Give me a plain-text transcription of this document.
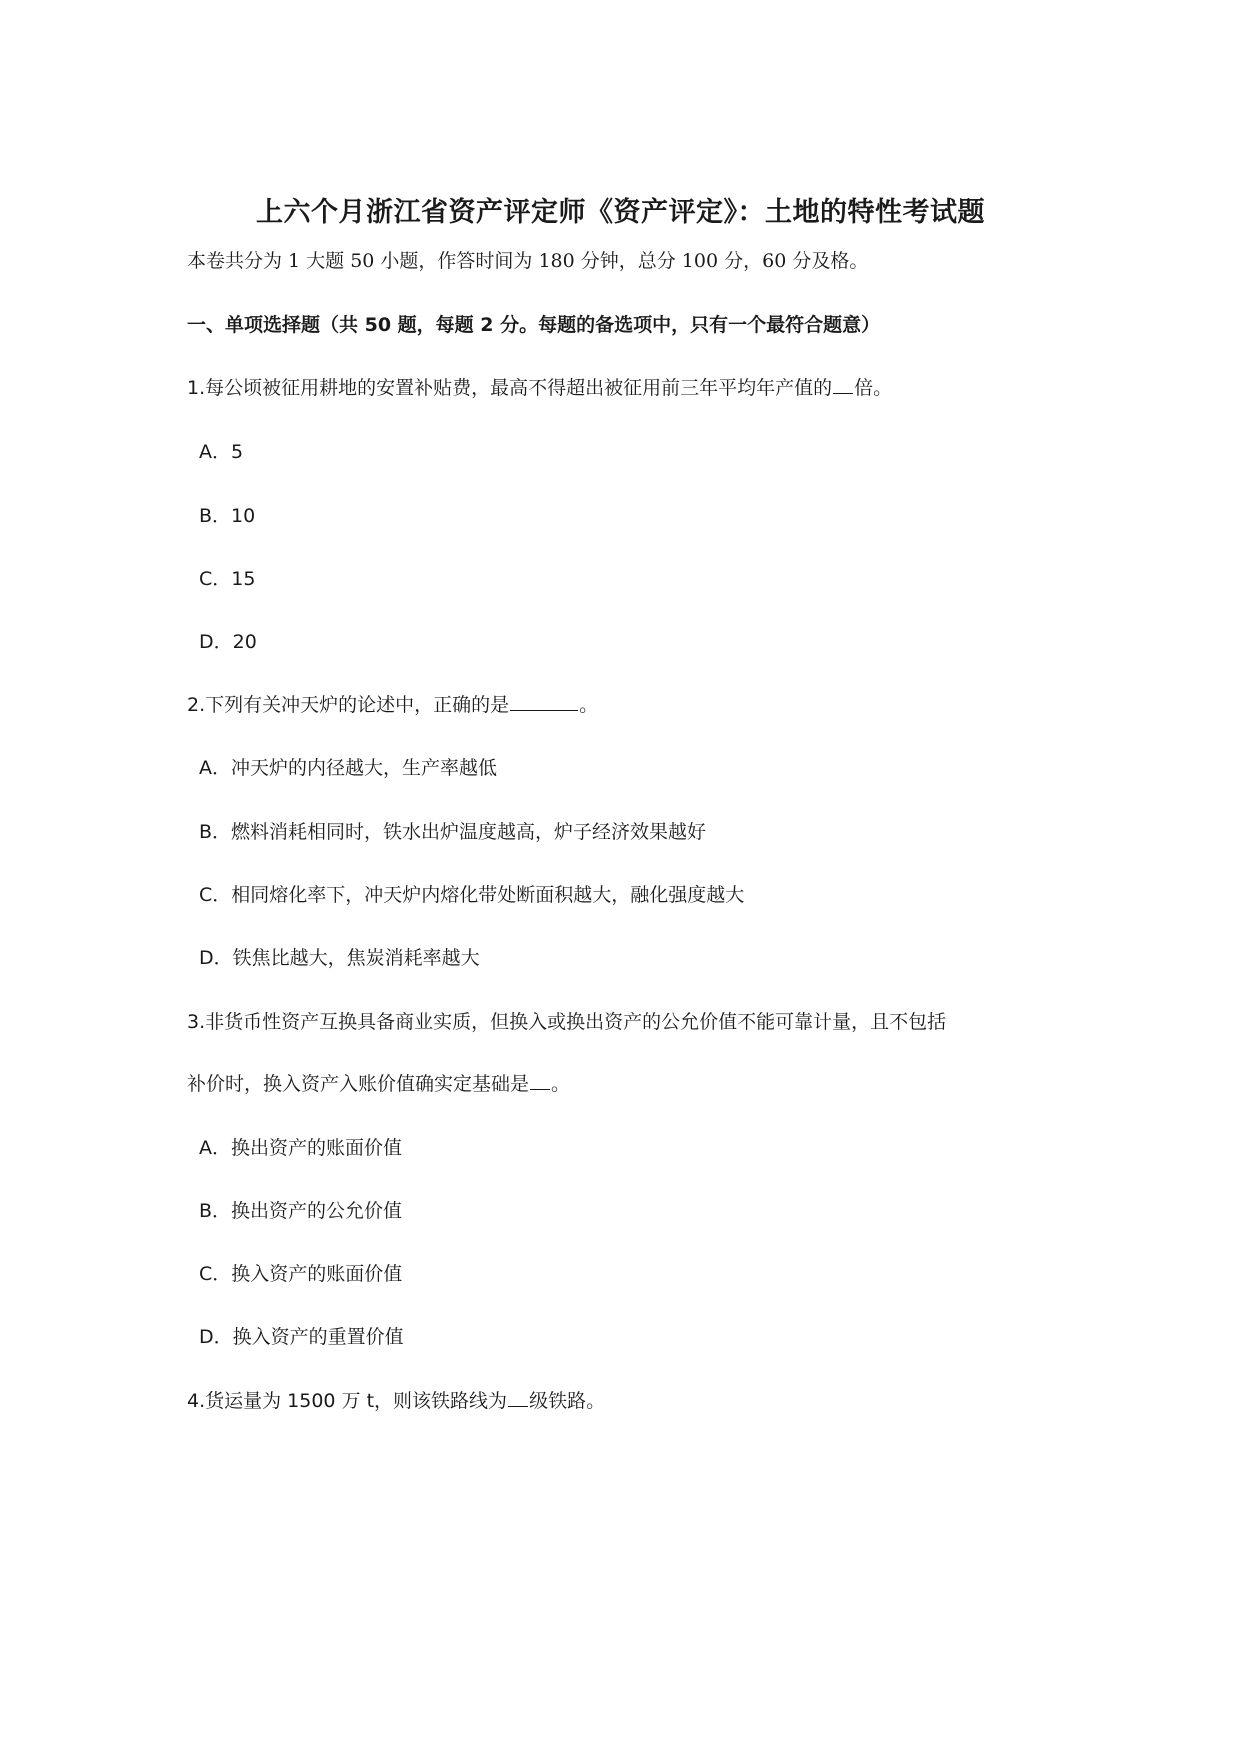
上六个月浙江省资产评定师《资产评定》：土地的特性考试题
本卷共分为 1 大题 50 小题，作答时间为 180 分钟，总分 100 分，60 分及格。
一、单项选择题（共 50 题，每题 2 分。每题的备选项中，只有一个最符合题意）
1.每公顷被征用耕地的安置补贴费，最高不得超出被征用前三年平均年产值的 倍。
A．5
B．10
C．15
D．20
2.下列有关冲天炉的论述中，正确的是	。
A．冲天炉的内径越大，生产率越低
B．燃料消耗相同时，铁水出炉温度越高，炉子经济效果越好
C．相同熔化率下，冲天炉内熔化带处断面积越大，融化强度越大
D．铁焦比越大，焦炭消耗率越大
3.非货币性资产互换具备商业实质，但换入或换出资产的公允价值不能可靠计量，且不包括
补价时，换入资产入账价值确实定基础是 。
A．换出资产的账面价值
B．换出资产的公允价值
C．换入资产的账面价值
D．换入资产的重置价值
4.货运量为 1500 万 t，则该铁路线为 级铁路。
